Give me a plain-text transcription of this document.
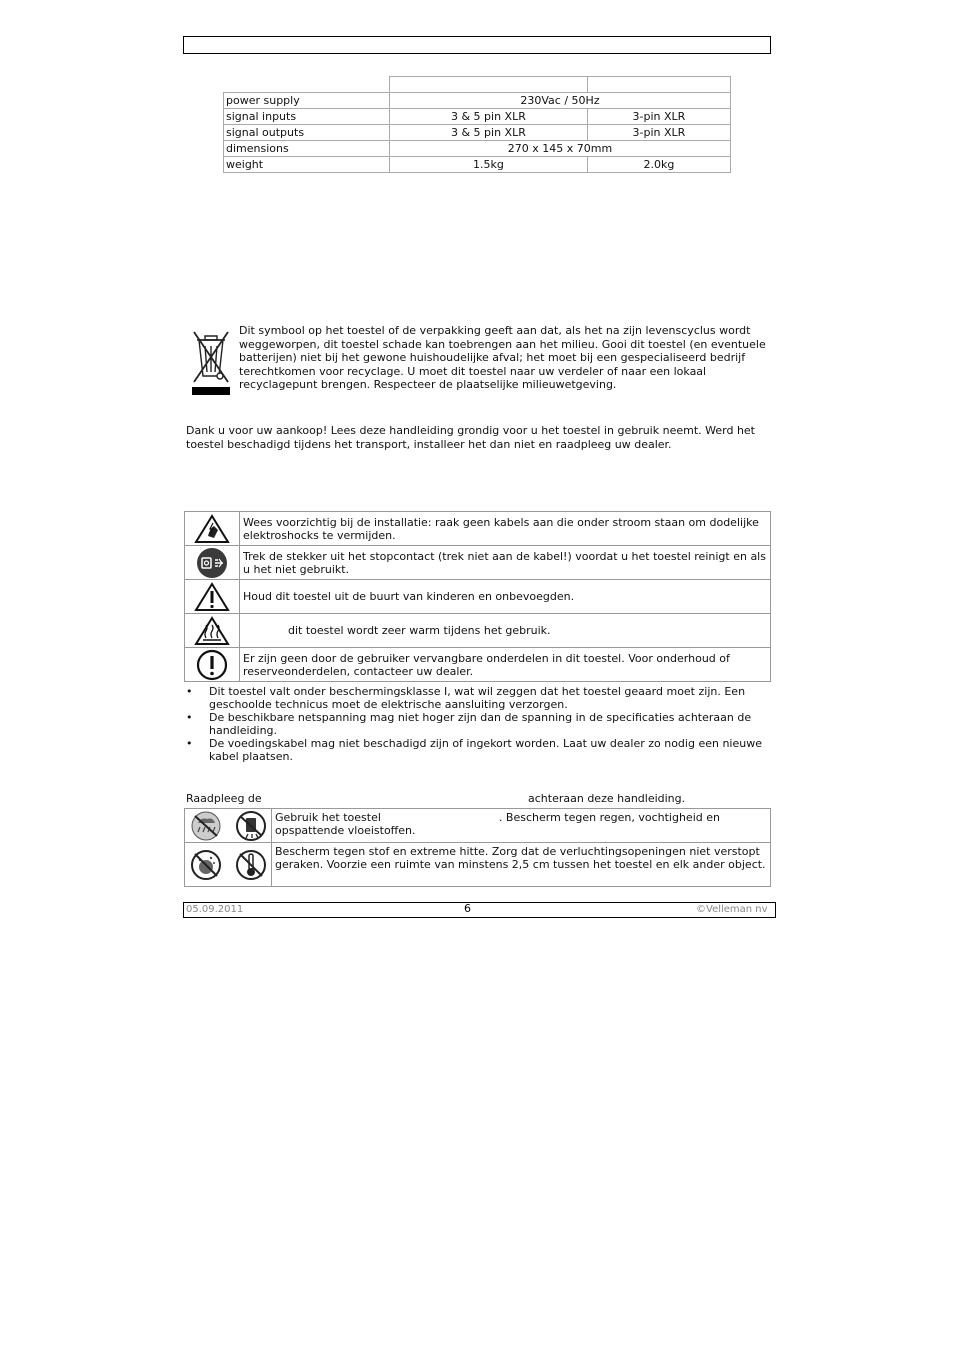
power supply	230Vac / 50Hz	
signal inputs	3 & 5 pin XLR	3-pin XLR
signal outputs	3 & 5 pin XLR	3-pin XLR
dimensions	270 x 145 x 70mm	
weight	1.5kg	2.0kg
Dit symbool op het toestel of de verpakking geeft aan dat, als het na zijn levenscyclus wordt weggeworpen, dit toestel schade kan toebrengen aan het milieu. Gooi dit toestel (en eventuele batterijen) niet bij het gewone huishoudelijke afval; het moet bij een gespecialiseerd bedrijf terechtkomen voor recyclage. U moet dit toestel naar uw verdeler of naar een lokaal recyclagepunt brengen. Respecteer de plaatselijke milieuwetgeving.
Dank u voor uw aankoop! Lees deze handleiding grondig voor u het toestel in gebruik neemt. Werd het toestel beschadigd tijdens het transport, installeer het dan niet en raadpleeg uw dealer.
	Wees voorzichtig bij de installatie: raak geen kabels aan die onder stroom staan om dodelijke elektroshocks te vermijden.

	Trek de stekker uit het stopcontact (trek niet aan de kabel!) voordat u het toestel reinigt en als u het niet gebruikt.

	Houd dit toestel uit de buurt van kinderen en onbevoegden.

	dit toestel wordt zeer warm tijdens het gebruik.

	Er zijn geen door de gebruiker vervangbare onderdelen in dit toestel. Voor onderhoud of reserveonderdelen, contacteer uw dealer.
• Dit toestel valt onder beschermingsklasse I, wat wil zeggen dat het toestel geaard moet zijn. Een geschoolde technicus moet de elektrische aansluiting verzorgen.
• De beschikbare netspanning mag niet hoger zijn dan de spanning in de specificaties achteraan de handleiding.
• De voedingskabel mag niet beschadigd zijn of ingekort worden. Laat uw dealer zo nodig een nieuwe kabel plaatsen.
Raadpleeg de	achteraan deze handleiding.
	Gebruik het toestel . Bescherm tegen regen, vochtigheid en opspattende vloeistoffen.

	Bescherm tegen stof en extreme hitte. Zorg dat de verluchtingsopeningen niet verstopt geraken. Voorzie een ruimte van minstens 2,5 cm tussen het toestel en elk ander object.
05.09.2011	6	©Velleman nv
